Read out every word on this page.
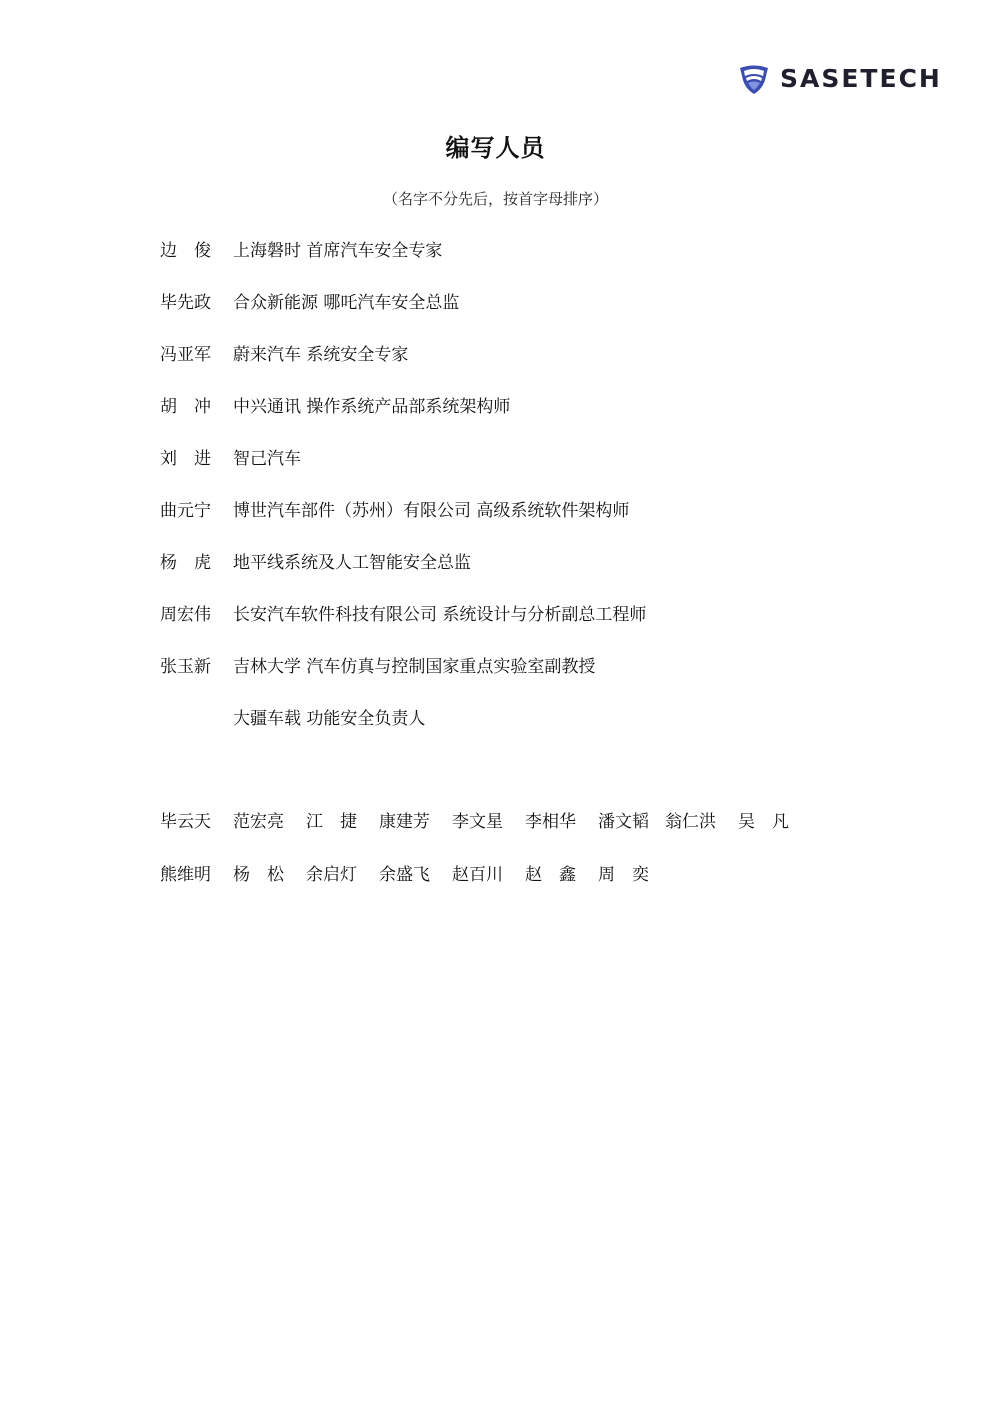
SASETECH
编写人员
（名字不分先后，按首字母排序）
边　俊	上海磐时 首席汽车安全专家
毕先政	合众新能源 哪吒汽车安全总监
冯亚军	蔚来汽车 系统安全专家
胡　冲	中兴通讯 操作系统产品部系统架构师
刘　进	智己汽车
曲元宁	博世汽车部件（苏州）有限公司 高级系统软件架构师
杨　虎	地平线系统及人工智能安全总监
周宏伟	长安汽车软件科技有限公司 系统设计与分析副总工程师
张玉新	吉林大学 汽车仿真与控制国家重点实验室副教授
大疆车载 功能安全负责人
毕云天 范宏亮 江　捷 康建芳 李文星 李相华 潘文韬 翁仁洪 吴　凡
熊维明 杨　松 余启灯 余盛飞 赵百川 赵　鑫 周　奕
